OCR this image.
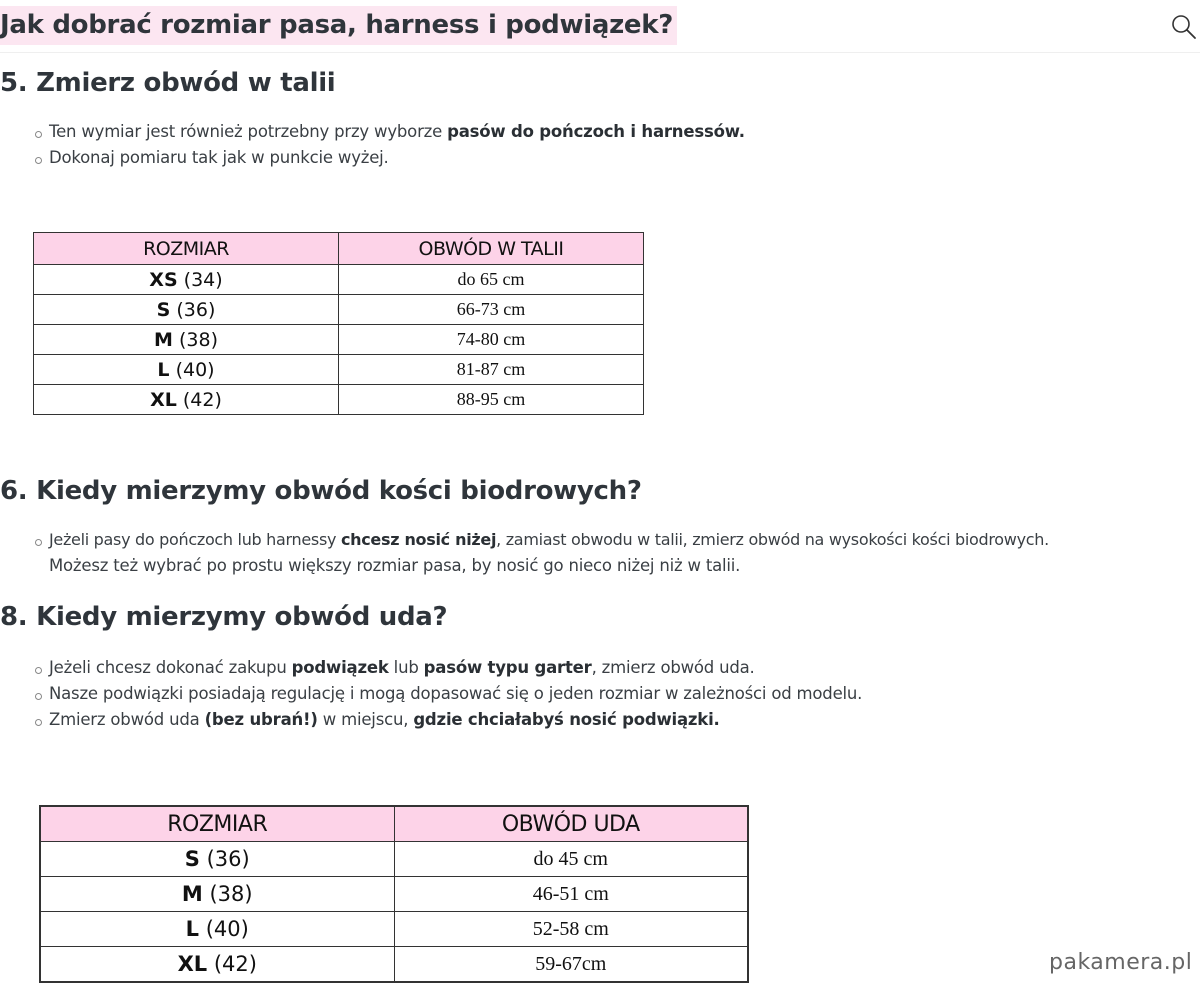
Jak dobrać rozmiar pasa, harness i podwiązek?
5. Zmierz obwód w talii
Ten wymiar jest również potrzebny przy wyborze pasów do pończoch i harnessów.
Dokonaj pomiaru tak jak w punkcie wyżej.
ROZMIAR	OBWÓD W TALII
XS (34)	do 65 cm
S (36)	66-73 cm
M (38)	74-80 cm
L (40)	81-87 cm
XL (42)	88-95 cm
6. Kiedy mierzymy obwód kości biodrowych?
Jeżeli pasy do pończoch lub harnessy chcesz nosić niżej, zamiast obwodu w talii, zmierz obwód na wysokości kości biodrowych.
Możesz też wybrać po prostu większy rozmiar pasa, by nosić go nieco niżej niż w talii.
8. Kiedy mierzymy obwód uda?
Jeżeli chcesz dokonać zakupu podwiązek lub pasów typu garter, zmierz obwód uda.
Nasze podwiązki posiadają regulację i mogą dopasować się o jeden rozmiar w zależności od modelu.
Zmierz obwód uda (bez ubrań!) w miejscu, gdzie chciałabyś nosić podwiązki.
ROZMIAR	OBWÓD UDA
S (36)	do 45 cm
M (38)	46-51 cm
L (40)	52-58 cm
XL (42)	59-67cm	pakamera.pl
